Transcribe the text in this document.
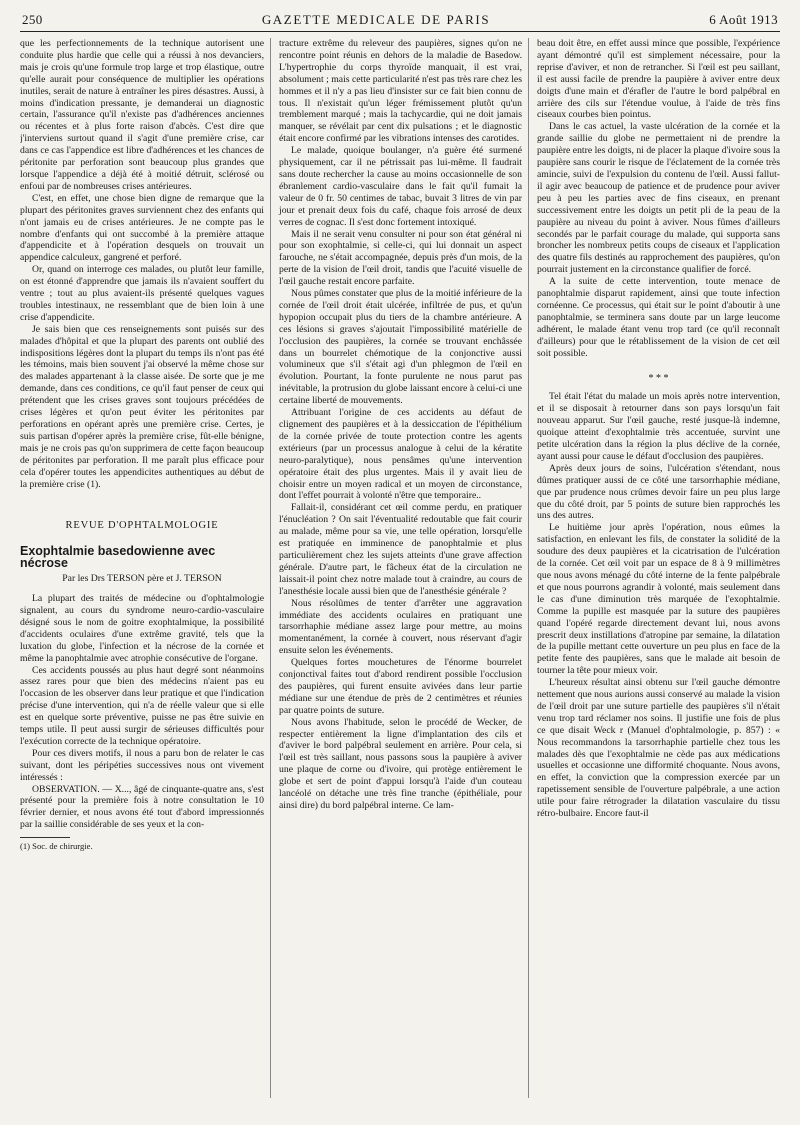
250	GAZETTE MEDICALE DE PARIS	6 Août 1913

que les perfectionnements de la technique autorisent une conduite plus hardie que celle qui a réussi à nos devanciers, mais je crois qu'une formule trop large et trop élastique, outre qu'elle aurait pour conséquence de multiplier les opérations inutiles, serait de nature à entraîner les pires désastres. Aussi, à moins d'indication pressante, je demanderai un diagnostic certain, l'assurance qu'il n'existe pas d'adhérences anciennes ou récentes et à plus forte raison d'abcès. C'est dire que j'interviens surtout quand il s'agit d'une première crise, car dans ce cas l'appendice est libre d'adhérences et les chances de péritonite par perforation sont beaucoup plus grandes que lorsque l'appendice a déjà été à moitié détruit, sclérosé ou enfoui par de nombreuses crises antérieures.

C'est, en effet, une chose bien digne de remarque que la plupart des péritonites graves surviennent chez des enfants qui n'ont jamais eu de crises antérieures. Je ne compte pas le nombre d'enfants qui ont succombé à la première attaque d'appendicite et à l'opération desquels on trouvait un appendice calculeux, gangrené et perforé.

Or, quand on interroge ces malades, ou plutôt leur famille, on est étonné d'apprendre que jamais ils n'avaient souffert du ventre ; tout au plus avaient-ils présenté quelques vagues troubles intestinaux, ne ressemblant que de bien loin à une crise d'appendicite.

Je sais bien que ces renseignements sont puisés sur des malades d'hôpital et que la plupart des parents ont oublié des indispositions légères dont la plupart du temps ils n'ont pas été les témoins, mais bien souvent j'ai observé la même chose sur des malades appartenant à la classe aisée. De sorte que je me demande, dans ces conditions, ce qu'il faut penser de ceux qui prétendent que les crises graves sont toujours précédées de crises légères et qu'on peut éviter les péritonites par perforations en opérant après une première crise. Certes, je suis partisan d'opérer après la première crise, fût-elle bénigne, mais je ne crois pas qu'on supprimera de cette façon beaucoup de péritonites par perforation. Il me paraît plus efficace pour cela d'opérer toutes les appendicites authentiques au début de la première crise (1).

REVUE D'OPHTALMOLOGIE
Exophtalmie basedowienne avec nécrose
Par les Drs TERSON père et J. TERSON

La plupart des traités de médecine ou d'ophtalmologie signalent, au cours du syndrome neuro-cardio-vasculaire désigné sous le nom de goitre exophtalmique, la possibilité d'accidents oculaires d'une extrême gravité, tels que la luxation du globe, l'infection et la nécrose de la cornée et même la panophtalmie avec atrophie consécutive de l'organe.

Ces accidents poussés au plus haut degré sont néanmoins assez rares pour que bien des médecins n'aient pas eu l'occasion de les observer dans leur pratique et que l'indication précise d'une intervention, qui n'a de réelle valeur que si elle est en quelque sorte préventive, puisse ne pas être suivie en temps utile. Il peut aussi surgir de sérieuses difficultés pour l'exécution correcte de la technique opératoire.

Pour ces divers motifs, il nous a paru bon de relater le cas suivant, dont les péripéties successives nous ont vivement intéressés :

OBSERVATION. — X..., âgé de cinquante-quatre ans, s'est présenté pour la première fois à notre consultation le 10 février dernier, et nous avons été tout d'abord impressionnés par la saillie considérable de ses yeux et la con-

(1) Soc. de chirurgie.

tracture extrême du releveur des paupières, signes qu'on ne rencontre point réunis en dehors de la maladie de Basedow. L'hypertrophie du corps thyroïde manquait, il est vrai, absolument ; mais cette particularité n'est pas très rare chez les hommes et il n'y a pas lieu d'insister sur ce fait bien connu de tous. Il n'existait qu'un léger frémissement plutôt qu'un tremblement marqué ; mais la tachycardie, qui ne doit jamais manquer, se révélait par cent dix pulsations ; et le diagnostic était encore confirmé par les vibrations intenses des carotides.

Le malade, quoique boulanger, n'a guère été surmené physiquement, car il ne pétrissait pas lui-même. Il faudrait sans doute rechercher la cause au moins occasionnelle de son ébranlement cardio-vasculaire dans le fait qu'il fumait la valeur de 0 fr. 50 centimes de tabac, buvait 3 litres de vin par jour et prenait deux fois du café, chaque fois arrosé de deux verres de cognac. Il s'est donc fortement intoxiqué.

Mais il ne serait venu consulter ni pour son état général ni pour son exophtalmie, si celle-ci, qui lui donnait un aspect farouche, ne s'était accompagnée, depuis près d'un mois, de la perte de la vision de l'œil droit, tandis que l'acuité visuelle de l'œil gauche restait encore parfaite.

Nous pûmes constater que plus de la moitié inférieure de la cornée de l'œil droit était ulcérée, infiltrée de pus, et qu'un hypopion occupait plus du tiers de la chambre antérieure. A ces lésions si graves s'ajoutait l'impossibilité matérielle de l'occlusion des paupières, la cornée se trouvant enchâssée dans un bourrelet chémotique de la conjonctive aussi volumineux que s'il s'était agi d'un phlegmon de l'œil en évolution. Pourtant, la fonte purulente ne nous parut pas inévitable, la protrusion du globe laissant encore à celui-ci une certaine liberté de mouvements.

Attribuant l'origine de ces accidents au défaut de clignement des paupières et à la dessiccation de l'épithélium de la cornée privée de toute protection contre les agents extérieurs (par un processus analogue à celui de la kératite neuro-paralytique), nous pensâmes qu'une intervention opératoire était des plus urgentes. Mais il y avait lieu de choisir entre un moyen radical et un moyen de circonstance, dont l'effet pourrait à volonté n'être que temporaire..

Fallait-il, considérant cet œil comme perdu, en pratiquer l'énucléation ? On sait l'éventualité redoutable que fait courir au malade, même pour sa vie, une telle opération, lorsqu'elle est pratiquée en imminence de panophtalmie et plus particulièrement chez les sujets atteints d'une grave affection générale. D'autre part, le fâcheux état de la circulation ne laissait-il point chez notre malade tout à craindre, au cours de l'anesthésie locale aussi bien que de l'anesthésie générale ?

Nous résolûmes de tenter d'arrêter une aggravation immédiate des accidents oculaires en pratiquant une tarsorrhaphie médiane assez large pour mettre, au moins momentanément, la cornée à couvert, nous réservant d'agir ensuite selon les événements.

Quelques fortes mouchetures de l'énorme bourrelet conjonctival faites tout d'abord rendirent possible l'occlusion des paupières, qui furent ensuite avivées dans leur partie médiane sur une étendue de près de 2 centimètres et réunies par quatre points de suture.

Nous avons l'habitude, selon le procédé de Wecker, de respecter entièrement la ligne d'implantation des cils et d'aviver le bord palpébral seulement en arrière. Pour cela, si l'œil est très saillant, nous passons sous la paupière à aviver une plaque de corne ou d'ivoire, qui protège entièrement le globe et sert de point d'appui lorsqu'à l'aide d'un couteau lancéolé on détache une très fine tranche (épithéliale, pour ainsi dire) du bord palpébral interne. Ce lam-

beau doit être, en effet aussi mince que possible, l'expérience ayant démontré qu'il est simplement nécessaire, pour la reprise d'aviver, et non de retrancher. Si l'œil est peu saillant, il est aussi facile de prendre la paupière à aviver entre deux doigts d'une main et d'érafler de l'autre le bord palpébral en arrière des cils sur l'étendue voulue, à l'aide de très fins ciseaux courbes bien pointus.

Dans le cas actuel, la vaste ulcération de la cornée et la grande saillie du globe ne permettaient ni de prendre la paupière entre les doigts, ni de placer la plaque d'ivoire sous la paupière sans courir le risque de l'éclatement de la cornée très amincie, suivi de l'expulsion du contenu de l'œil. Aussi fallut-il agir avec beaucoup de patience et de prudence pour aviver peu à peu les parties avec de fins ciseaux, en prenant successivement entre les doigts un petit pli de la peau de la paupière au niveau du point à aviver. Nous fûmes d'ailleurs secondés par le parfait courage du malade, qui supporta sans broncher les nombreux petits coups de ciseaux et l'application des quatre fils destinés au rapprochement des paupières, qu'on pourrait justement en la circonstance qualifier de forcé.

A la suite de cette intervention, toute menace de panophtalmie disparut rapidement, ainsi que toute infection cornéenne. Ce processus, qui était sur le point d'aboutir à une panophtalmie, se terminera sans doute par un large leucome adhérent, le malade étant venu trop tard (ce qu'il reconnaît d'ailleurs) pour que le rétablissement de la vision de cet œil soit possible.

* * *

Tel était l'état du malade un mois après notre intervention, et il se disposait à retourner dans son pays lorsqu'un fait nouveau apparut. Sur l'œil gauche, resté jusque-là indemne, quoique atteint d'exophtalmie très accentuée, survint une petite ulcération dans la région la plus déclive de la cornée, ayant aussi pour cause le défaut d'occlusion des paupières.

Après deux jours de soins, l'ulcération s'étendant, nous dûmes pratiquer aussi de ce côté une tarsorrhaphie médiane, que par prudence nous crûmes devoir faire un peu plus large que du côté droit, par 5 points de suture bien rapprochés les uns des autres.

Le huitième jour après l'opération, nous eûmes la satisfaction, en enlevant les fils, de constater la solidité de la soudure des deux paupières et la cicatrisation de l'ulcération de la cornée. Cet œil voit par un espace de 8 à 9 millimètres que nous avons ménagé du côté interne de la fente palpébrale et que nous pourrons agrandir à volonté, mais seulement dans le cas d'une diminution très marquée de l'exophtalmie. Comme la pupille est masquée par la suture des paupières quand l'opéré regarde directement devant lui, nous avons prescrit deux instillations d'atropine par semaine, la dilatation de la pupille mettant cette ouverture un peu plus en face de la petite fente des paupières, sans que le malade ait besoin de tourner la tête pour mieux voir.

L'heureux résultat ainsi obtenu sur l'œil gauche démontre nettement que nous aurions aussi conservé au malade la vision de l'œil droit par une suture partielle des paupières s'il n'était venu trop tard réclamer nos soins. Il justifie une fois de plus ce que disait Weck r (Manuel d'ophtalmologie, p. 857) : « Nous recommandons la tarsorrhaphie partielle chez tous les malades dès que l'exophtalmie ne cède pas aux médications usuelles et occasionne une difformité choquante. Nous avons, en effet, la conviction que la compression exercée par un rapetissement sensible de l'ouverture palpébrale, a une action utile pour faire rétrograder la dilatation vasculaire du tissu rétro-bulbaire. Encore faut-il
